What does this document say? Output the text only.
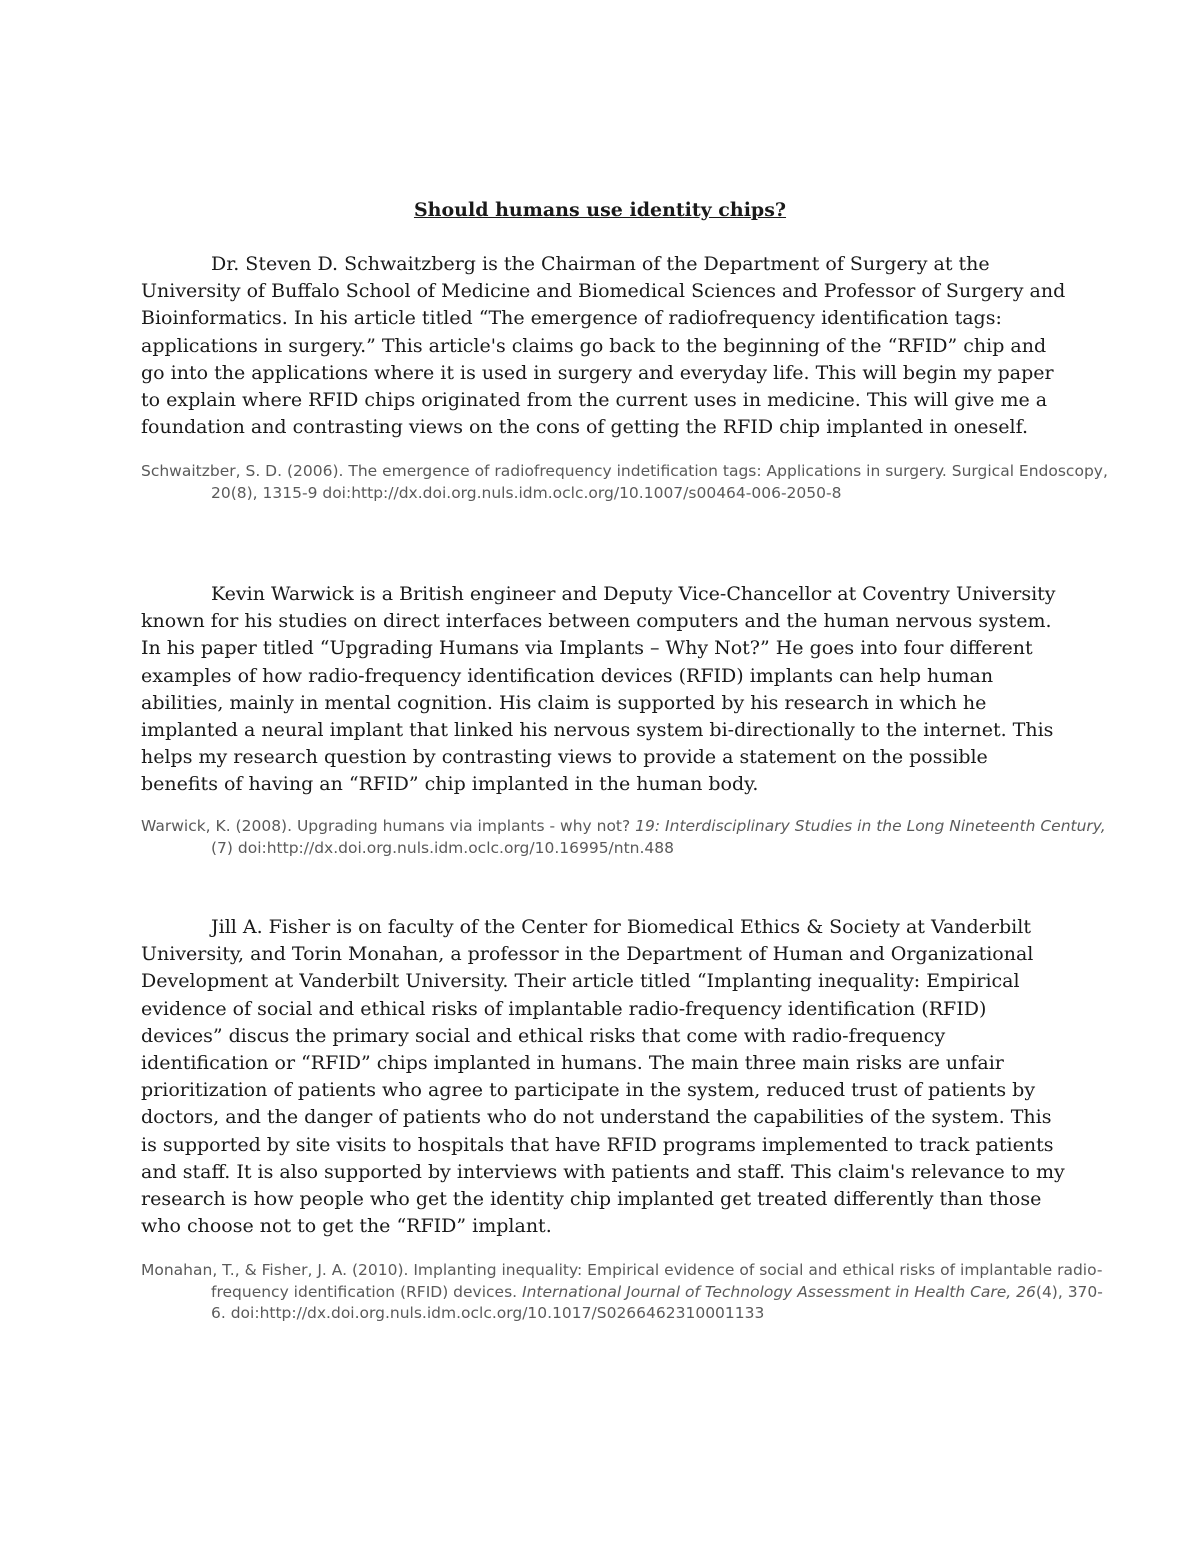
Should humans use identity chips?

Dr. Steven D. Schwaitzberg is the Chairman of the Department of Surgery at the University of Buffalo School of Medicine and Biomedical Sciences and Professor of Surgery and Bioinformatics. In his article titled “The emergence of radiofrequency identification tags: applications in surgery.” This article's claims go back to the beginning of the “RFID” chip and go into the applications where it is used in surgery and everyday life. This will begin my paper to explain where RFID chips originated from the current uses in medicine. This will give me a foundation and contrasting views on the cons of getting the RFID chip implanted in oneself.

Schwaitzber, S. D. (2006). The emergence of radiofrequency indetification tags: Applications in surgery. Surgical Endoscopy, 20(8), 1315-9 doi:http://dx.doi.org.nuls.idm.oclc.org/10.1007/s00464-006-2050-8

Kevin Warwick is a British engineer and Deputy Vice-Chancellor at Coventry University known for his studies on direct interfaces between computers and the human nervous system. In his paper titled “Upgrading Humans via Implants – Why Not?” He goes into four different examples of how radio-frequency identification devices (RFID) implants can help human abilities, mainly in mental cognition. His claim is supported by his research in which he implanted a neural implant that linked his nervous system bi-directionally to the internet. This helps my research question by contrasting views to provide a statement on the possible benefits of having an “RFID” chip implanted in the human body.

Warwick, K. (2008). Upgrading humans via implants - why not? 19: Interdisciplinary Studies in the Long Nineteenth Century, (7) doi:http://dx.doi.org.nuls.idm.oclc.org/10.16995/ntn.488

Jill A. Fisher is on faculty of the Center for Biomedical Ethics & Society at Vanderbilt University, and Torin Monahan, a professor in the Department of Human and Organizational Development at Vanderbilt University. Their article titled “Implanting inequality: Empirical evidence of social and ethical risks of implantable radio-frequency identification (RFID) devices” discus the primary social and ethical risks that come with radio-frequency identification or “RFID” chips implanted in humans. The main three main risks are unfair prioritization of patients who agree to participate in the system, reduced trust of patients by doctors, and the danger of patients who do not understand the capabilities of the system. This is supported by site visits to hospitals that have RFID programs implemented to track patients and staff. It is also supported by interviews with patients and staff. This claim's relevance to my research is how people who get the identity chip implanted get treated differently than those who choose not to get the “RFID” implant.

Monahan, T., & Fisher, J. A. (2010). Implanting inequality: Empirical evidence of social and ethical risks of implantable radio-frequency identification (RFID) devices. International Journal of Technology Assessment in Health Care, 26(4), 370-6. doi:http://dx.doi.org.nuls.idm.oclc.org/10.1017/S0266462310001133
